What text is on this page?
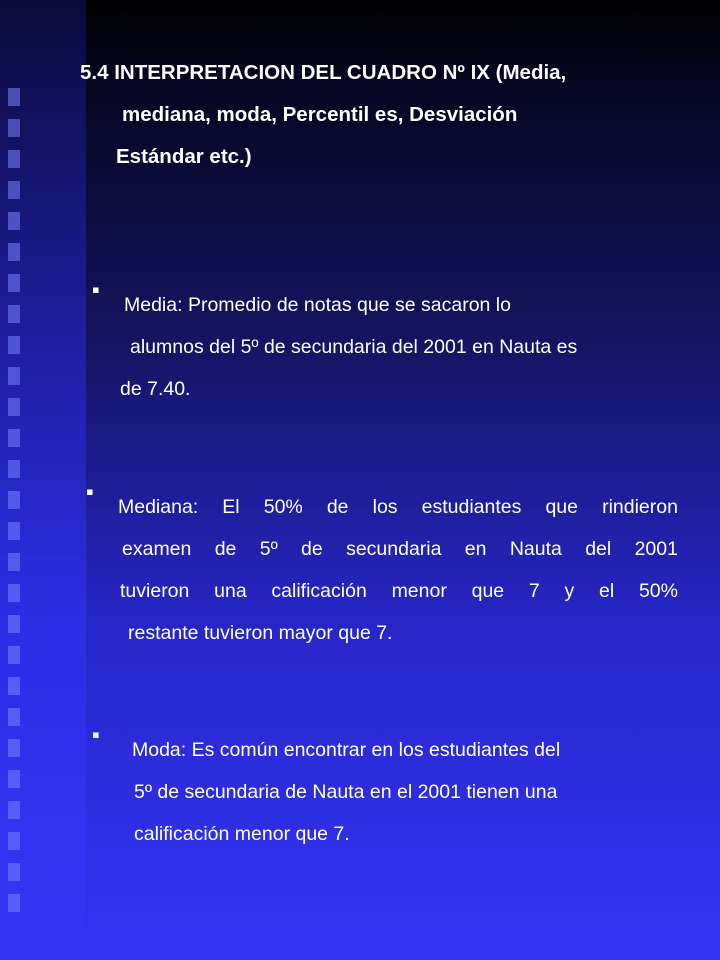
5.4 INTERPRETACION DEL CUADRO Nº IX (Media,
mediana, moda, Percentil es, Desviación
Estándar etc.)
▪
Media: Promedio de notas que se sacaron lo
alumnos del 5º de secundaria del 2001 en Nauta es
de 7.40.
▪
Mediana: El 50% de los estudiantes que rindieron
examen de 5º de secundaria en Nauta del 2001
tuvieron una calificación menor que 7 y el 50%
restante tuvieron mayor que 7.
▪
Moda: Es común encontrar en los estudiantes del
5º de secundaria de Nauta en el 2001 tienen una
calificación menor que 7.
